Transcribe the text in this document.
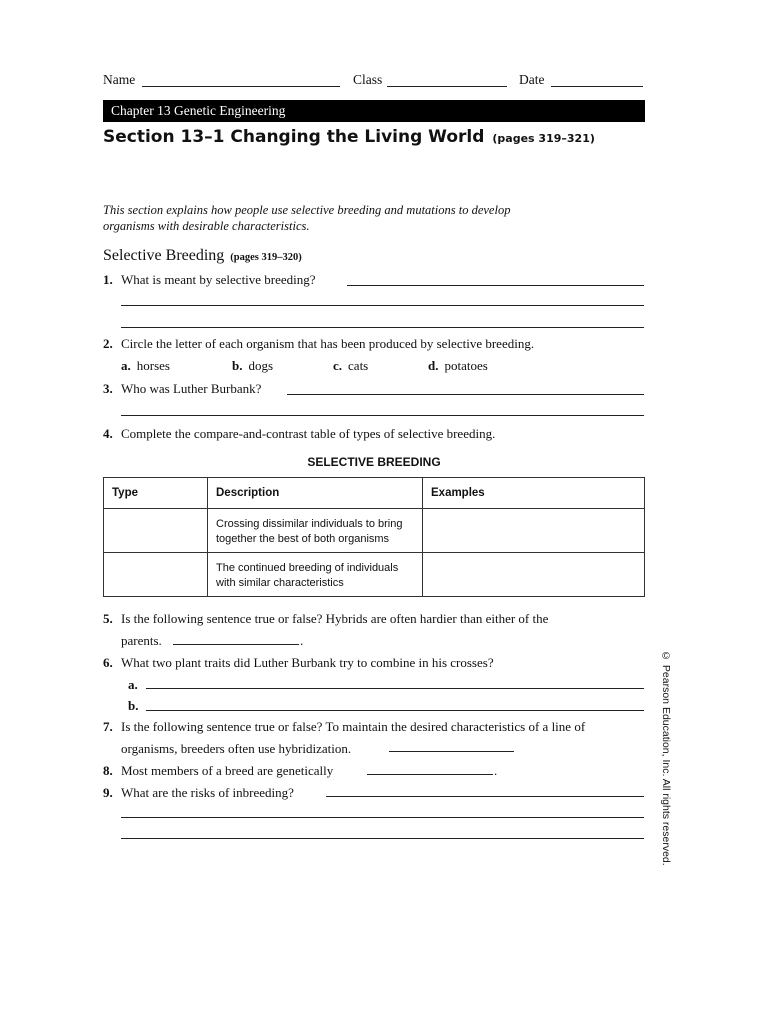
Name	Class	Date
Chapter 13 Genetic Engineering
Section 13–1 Changing the Living World (pages 319–321)
This section explains how people use selective breeding and mutations to develop organisms with desirable characteristics.
Selective Breeding (pages 319–320)
1. What is meant by selective breeding?
2. Circle the letter of each organism that has been produced by selective breeding.
a. horses	b. dogs	c. cats	d. potatoes
3. Who was Luther Burbank?
4. Complete the compare-and-contrast table of types of selective breeding.
SELECTIVE BREEDING
Type	Description	Examples
	Crossing dissimilar individuals to bring together the best of both organisms	
	The continued breeding of individuals with similar characteristics	
5. Is the following sentence true or false? Hybrids are often hardier than either of the
parents.	.
6. What two plant traits did Luther Burbank try to combine in his crosses?
a.
b.
7. Is the following sentence true or false? To maintain the desired characteristics of a line of
organisms, breeders often use hybridization.
8. Most members of a breed are genetically	.
9. What are the risks of inbreeding?	© Pearson Education, Inc. All rights reserved.
